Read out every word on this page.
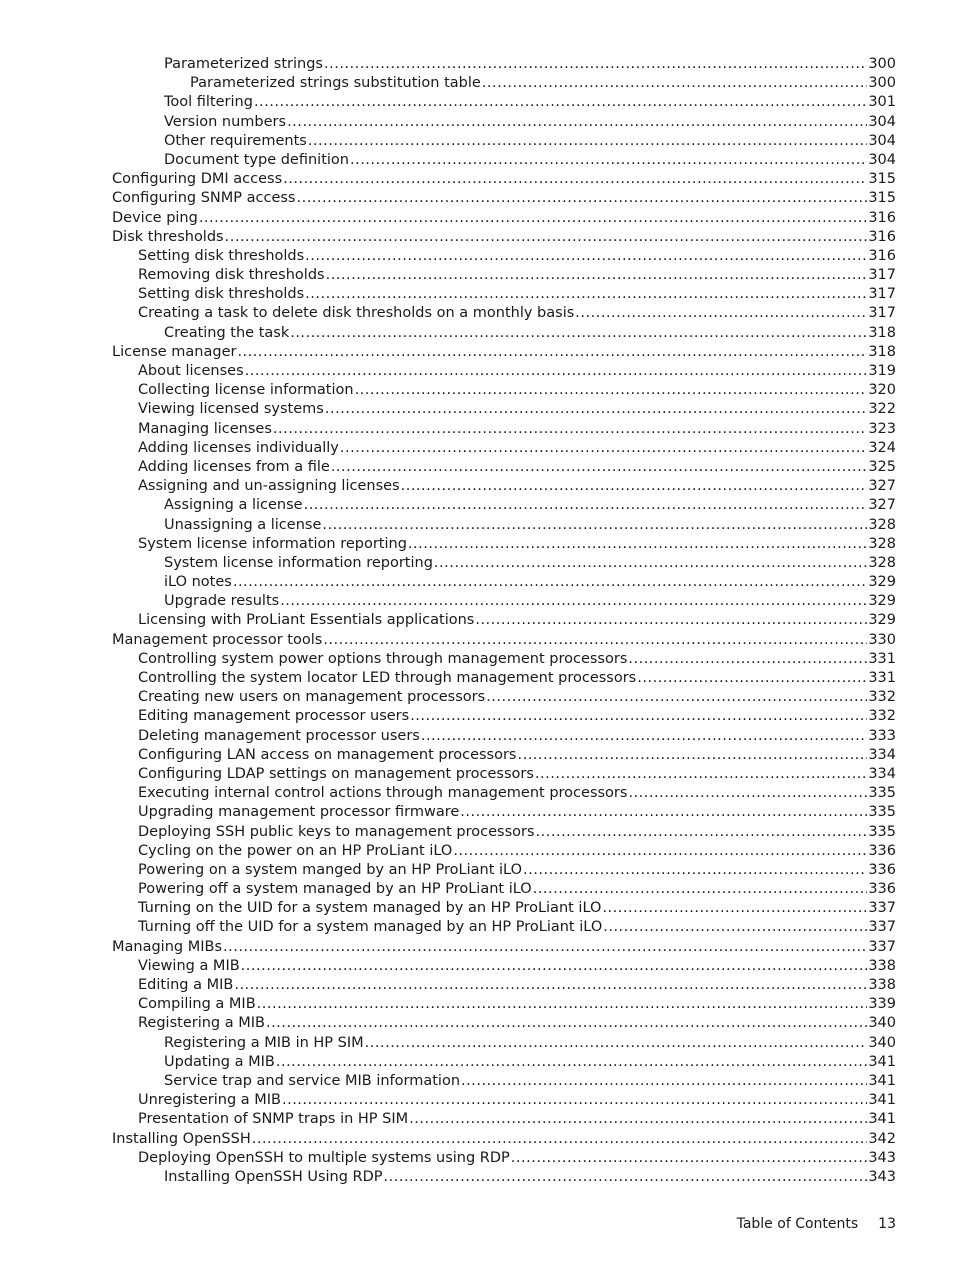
Parameterized strings .....	300
Parameterized strings substitution table .....	300
Tool filtering .....	301
Version numbers .....	304
Other requirements .....	304
Document type definition .....	304
Configuring DMI access .....	315
Configuring SNMP access .....	315
Device ping .....	316
Disk thresholds .....	316
Setting disk thresholds .....	316
Removing disk thresholds .....	317
Setting disk thresholds .....	317
Creating a task to delete disk thresholds on a monthly basis .....	317
Creating the task .....	318
License manager .....	318
About licenses .....	319
Collecting license information .....	320
Viewing licensed systems .....	322
Managing licenses .....	323
Adding licenses individually .....	324
Adding licenses from a file .....	325
Assigning and un-assigning licenses .....	327
Assigning a license .....	327
Unassigning a license .....	328
System license information reporting .....	328
System license information reporting .....	328
iLO notes .....	329
Upgrade results .....	329
Licensing with ProLiant Essentials applications .....	329
Management processor tools .....	330
Controlling system power options through management processors .....	331
Controlling the system locator LED through management processors .....	331
Creating new users on management processors .....	332
Editing management processor users .....	332
Deleting management processor users .....	333
Configuring LAN access on management processors .....	334
Configuring LDAP settings on management processors .....	334
Executing internal control actions through management processors .....	335
Upgrading management processor firmware .....	335
Deploying SSH public keys to management processors .....	335
Cycling on the power on an HP ProLiant iLO .....	336
Powering on a system manged by an HP ProLiant iLO .....	336
Powering off a system managed by an HP ProLiant iLO .....	336
Turning on the UID for a system managed by an HP ProLiant iLO .....	337
Turning off the UID for a system managed by an HP ProLiant iLO .....	337
Managing MIBs .....	337
Viewing a MIB .....	338
Editing a MIB .....	338
Compiling a MIB .....	339
Registering a MIB .....	340
Registering a MIB in HP SIM .....	340
Updating a MIB .....	341
Service trap and service MIB information .....	341
Unregistering a MIB .....	341
Presentation of SNMP traps in HP SIM .....	341
Installing OpenSSH .....	342
Deploying OpenSSH to multiple systems using RDP .....	343
Installing OpenSSH Using RDP .....	343
Table of Contents 13
